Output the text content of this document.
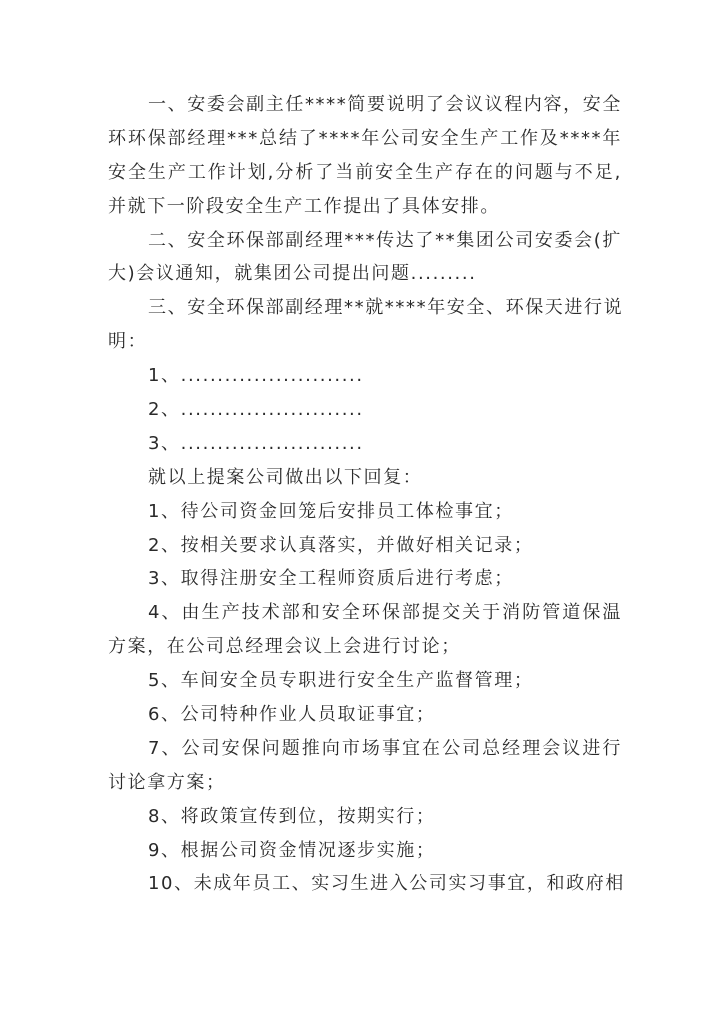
一、安委会副主任****简要说明了会议议程内容，安全
环环保部经理***总结了****年公司安全生产工作及****年
安全生产工作计划,分析了当前安全生产存在的问题与不足,
并就下一阶段安全生产工作提出了具体安排。
二、安全环保部副经理***传达了**集团公司安委会(扩
大)会议通知，就集团公司提出问题.........
三、安全环保部副经理**就****年安全、环保天进行说
明：
1、.........................
2、.........................
3、.........................
就以上提案公司做出以下回复：
1、待公司资金回笼后安排员工体检事宜；
2、按相关要求认真落实，并做好相关记录；
3、取得注册安全工程师资质后进行考虑；
4、由生产技术部和安全环保部提交关于消防管道保温
方案，在公司总经理会议上会进行讨论；
5、车间安全员专职进行安全生产监督管理；
6、公司特种作业人员取证事宜；
7、公司安保问题推向市场事宜在公司总经理会议进行
讨论拿方案；
8、将政策宣传到位，按期实行；
9、根据公司资金情况逐步实施；
10、未成年员工、实习生进入公司实习事宜，和政府相
